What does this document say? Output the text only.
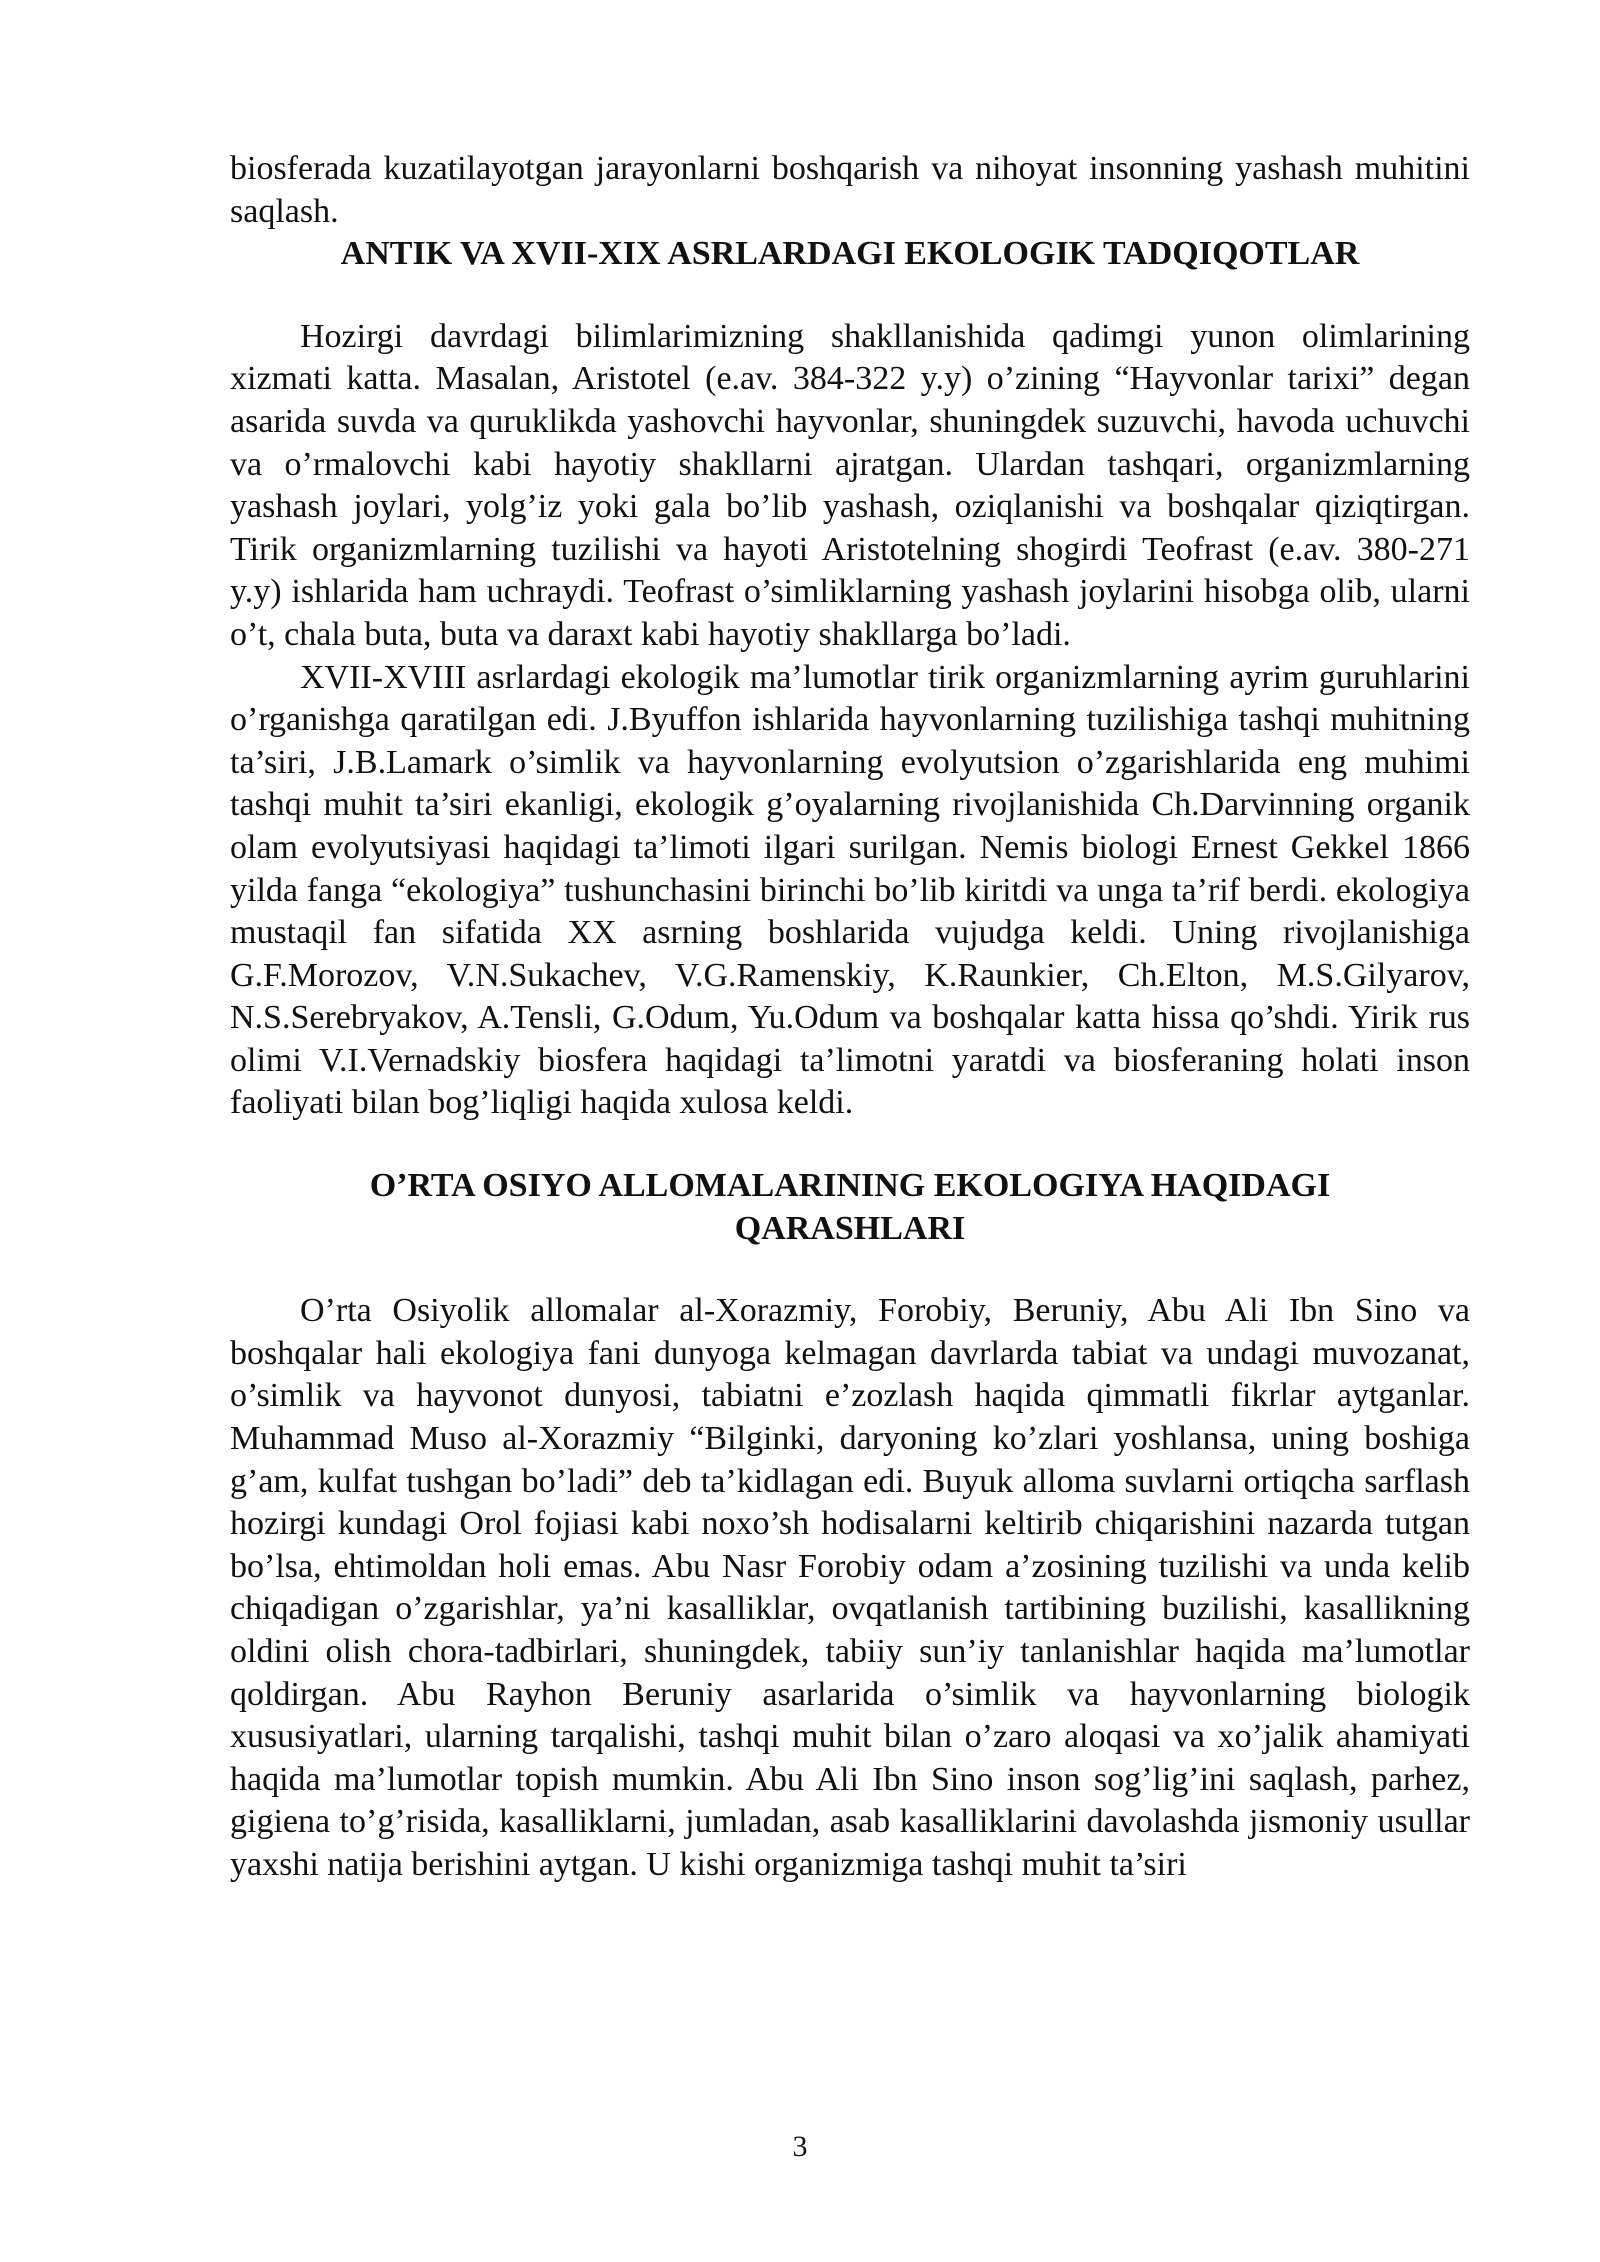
biosferada kuzatilayotgan jarayonlarni boshqarish va nihoyat insonning yashash muhitini saqlash.

ANTIK VA XVII-XIX ASRLARDAGI EKOLOGIK TADQIQOTLAR

Hozirgi davrdagi bilimlarimizning shakllanishida qadimgi yunon olimlarining xizmati katta. Masalan, Aristotel (e.av. 384-322 y.y) o’zining “Hayvonlar tarixi” degan asarida suvda va quruklikda yashovchi hayvonlar, shuningdek suzuvchi, havoda uchuvchi va o’rmalovchi kabi hayotiy shakllarni ajratgan. Ulardan tashqari, organizmlarning yashash joylari, yolg’iz yoki gala bo’lib yashash, oziqlanishi va boshqalar qiziqtirgan. Tirik organizmlarning tuzilishi va hayoti Aristotelning shogirdi Teofrast (e.av. 380-271 y.y) ishlarida ham uchraydi. Teofrast o’simliklarning yashash joylarini hisobga olib, ularni o’t, chala buta, buta va daraxt kabi hayotiy shakllarga bo’ladi.

XVII-XVIII asrlardagi ekologik ma’lumotlar tirik organizmlarning ayrim guruhlarini o’rganishga qaratilgan edi. J.Byuffon ishlarida hayvonlarning tuzilishiga tashqi muhitning ta’siri, J.B.Lamark o’simlik va hayvonlarning evolyutsion o’zgarishlarida eng muhimi tashqi muhit ta’siri ekanligi, ekologik g’oyalarning rivojlanishida Ch.Darvinning organik olam evolyutsiyasi haqidagi ta’limoti ilgari surilgan. Nemis biologi Ernest Gekkel 1866 yilda fanga “ekologiya” tushunchasini birinchi bo’lib kiritdi va unga ta’rif berdi. ekologiya mustaqil fan sifatida XX asrning boshlarida vujudga keldi. Uning rivojlanishiga G.F.Morozov, V.N.Sukachev, V.G.Ramenskiy, K.Raunkier, Ch.Elton, M.S.Gilyarov, N.S.Serebryakov, A.Tensli, G.Odum, Yu.Odum va boshqalar katta hissa qo’shdi. Yirik rus olimi V.I.Vernadskiy biosfera haqidagi ta’limotni yaratdi va biosferaning holati inson faoliyati bilan bog’liqligi haqida xulosa keldi.

O’RTA OSIYO ALLOMALARINING EKOLOGIYA HAQIDAGI QARASHLARI

O’rta Osiyolik allomalar al-Xorazmiy, Forobiy, Beruniy, Abu Ali Ibn Sino va boshqalar hali ekologiya fani dunyoga kelmagan davrlarda tabiat va undagi muvozanat, o’simlik va hayvonot dunyosi, tabiatni e’zozlash haqida qimmatli fikrlar aytganlar. Muhammad Muso al-Xorazmiy “Bilginki, daryoning ko’zlari yoshlansa, uning boshiga g’am, kulfat tushgan bo’ladi” deb ta’kidlagan edi. Buyuk alloma suvlarni ortiqcha sarflash hozirgi kundagi Orol fojiasi kabi noxo’sh hodisalarni keltirib chiqarishini nazarda tutgan bo’lsa, ehtimoldan holi emas. Abu Nasr Forobiy odam a’zosining tuzilishi va unda kelib chiqadigan o’zgarishlar, ya’ni kasalliklar, ovqatlanish tartibining buzilishi, kasallikning oldini olish chora-tadbirlari, shuningdek, tabiiy sun’iy tanlanishlar haqida ma’lumotlar qoldirgan. Abu Rayhon Beruniy asarlarida o’simlik va hayvonlarning biologik xususiyatlari, ularning tarqalishi, tashqi muhit bilan o’zaro aloqasi va xo’jalik ahamiyati haqida ma’lumotlar topish mumkin. Abu Ali Ibn Sino inson sog’lig’ini saqlash, parhez, gigiena to’g’risida, kasalliklarni, jumladan, asab kasalliklarini davolashda jismoniy usullar yaxshi natija berishini aytgan. U kishi organizmiga tashqi muhit ta’siri

3
